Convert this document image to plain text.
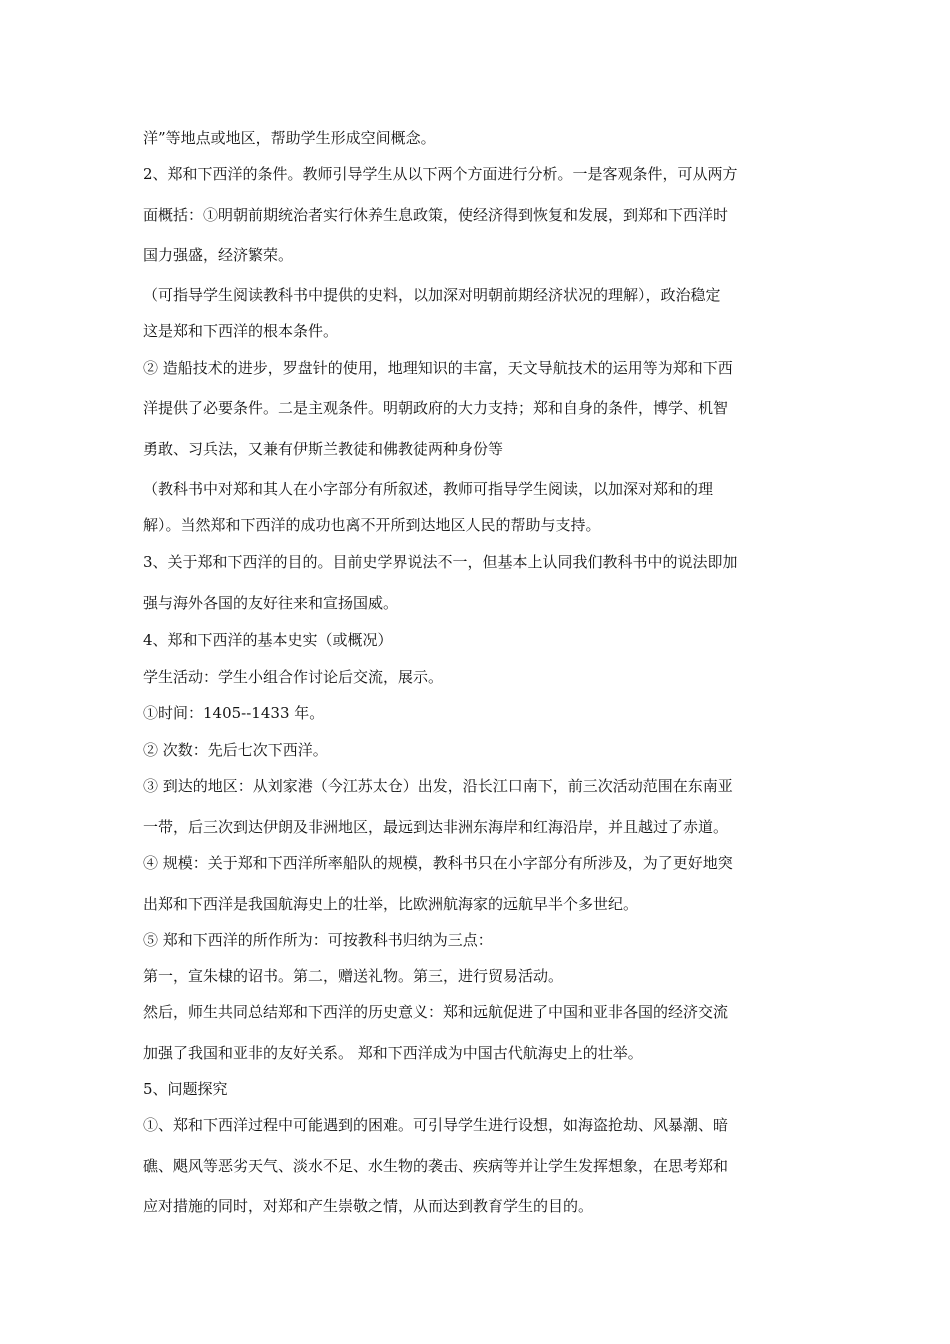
洋”等地点或地区，帮助学生形成空间概念。
2、郑和下西洋的条件。教师引导学生从以下两个方面进行分析。一是客观条件，可从两方
面概括：①明朝前期统治者实行休养生息政策，使经济得到恢复和发展，到郑和下西洋时
国力强盛，经济繁荣。
（可指导学生阅读教科书中提供的史料，以加深对明朝前期经济状况的理解），政治稳定
这是郑和下西洋的根本条件。
② 造船技术的进步，罗盘针的使用，地理知识的丰富，天文导航技术的运用等为郑和下西
洋提供了必要条件。二是主观条件。明朝政府的大力支持；郑和自身的条件，博学、机智
勇敢、习兵法，又兼有伊斯兰教徒和佛教徒两种身份等
（教科书中对郑和其人在小字部分有所叙述，教师可指导学生阅读，以加深对郑和的理
解）。当然郑和下西洋的成功也离不开所到达地区人民的帮助与支持。
3、关于郑和下西洋的目的。目前史学界说法不一，但基本上认同我们教科书中的说法即加
强与海外各国的友好往来和宣扬国威。
4、郑和下西洋的基本史实（或概况）
学生活动：学生小组合作讨论后交流，展示。
①时间：1405--1433 年。
② 次数：先后七次下西洋。
③ 到达的地区：从刘家港（今江苏太仓）出发，沿长江口南下，前三次活动范围在东南亚
一带，后三次到达伊朗及非洲地区，最远到达非洲东海岸和红海沿岸，并且越过了赤道。
④ 规模：关于郑和下西洋所率船队的规模，教科书只在小字部分有所涉及，为了更好地突
出郑和下西洋是我国航海史上的壮举，比欧洲航海家的远航早半个多世纪。
⑤ 郑和下西洋的所作所为：可按教科书归纳为三点：
第一，宣朱棣的诏书。第二，赠送礼物。第三，进行贸易活动。
然后，师生共同总结郑和下西洋的历史意义：郑和远航促进了中国和亚非各国的经济交流
加强了我国和亚非的友好关系。 郑和下西洋成为中国古代航海史上的壮举。
5、问题探究
①、郑和下西洋过程中可能遇到的困难。可引导学生进行设想，如海盗抢劫、风暴潮、暗
礁、飓风等恶劣天气、淡水不足、水生物的袭击、疾病等并让学生发挥想象，在思考郑和
应对措施的同时，对郑和产生崇敬之情，从而达到教育学生的目的。
